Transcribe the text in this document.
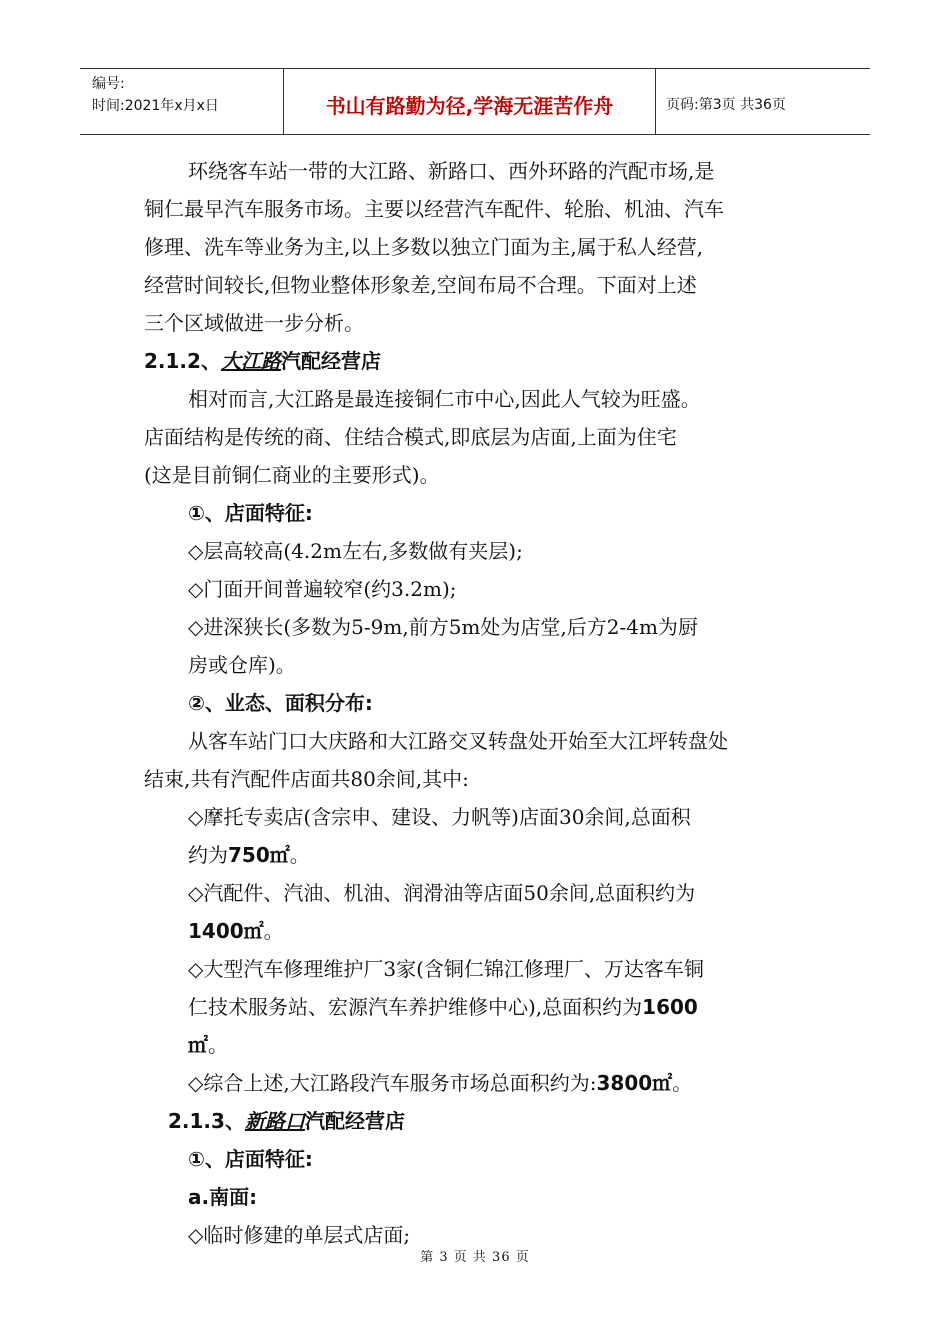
编号:
时间:2021年x月x日	书山有路勤为径,学海无涯苦作舟	页码:第3页 共36页

环绕客车站一带的大江路、新路口、西外环路的汽配市场,是

铜仁最早汽车服务市场。主要以经营汽车配件、轮胎、机油、汽车

修理、洗车等业务为主,以上多数以独立门面为主,属于私人经营,

经营时间较长,但物业整体形象差,空间布局不合理。下面对上述

三个区域做进一步分析。

2.1.2、大江路汽配经营店

相对而言,大江路是最连接铜仁市中心,因此人气较为旺盛。

店面结构是传统的商、住结合模式,即底层为店面,上面为住宅

(这是目前铜仁商业的主要形式)。

①、店面特征:

◇层高较高(4.2m左右,多数做有夹层);

◇门面开间普遍较窄(约3.2m);

◇进深狭长(多数为5-9m,前方5m处为店堂,后方2-4m为厨

房或仓库)。

②、业态、面积分布:

从客车站门口大庆路和大江路交叉转盘处开始至大江坪转盘处

结束,共有汽配件店面共80余间,其中:

◇摩托专卖店(含宗申、建设、力帆等)店面30余间,总面积

约为750㎡。

◇汽配件、汽油、机油、润滑油等店面50余间,总面积约为

1400㎡。

◇大型汽车修理维护厂3家(含铜仁锦江修理厂、万达客车铜

仁技术服务站、宏源汽车养护维修中心),总面积约为1600

㎡。

◇综合上述,大江路段汽车服务市场总面积约为:3800㎡。

2.1.3、新路口汽配经营店

①、店面特征:

a.南面:

◇临时修建的单层式店面;

第 3 页 共 36 页
